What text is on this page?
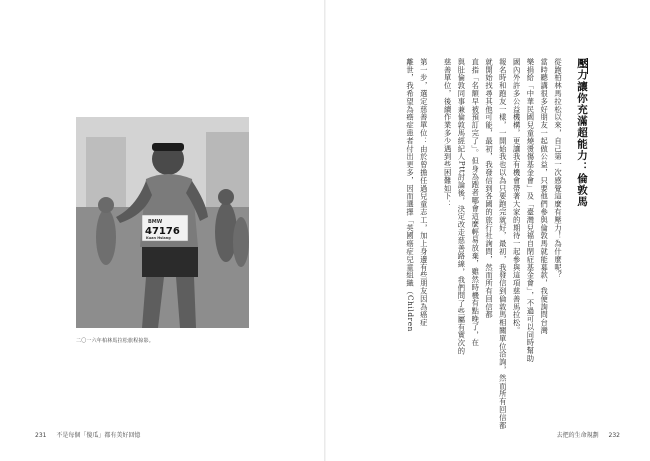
BMW
47176
Kuan Hsiang
二〇一六年柏林馬拉松旅程掠影。
壓力讓你充滿超能力：倫敦馬

從跑柏林馬拉松以來，自己第一次感覺這麼有壓力！為什麼呢？

當時聽講很多好朋友一起做公益，只要他們參與倫敦馬就能募款，我便詢問台灣

樂捐給「中華民國兒童燒燙傷基金會」及「臺灣兒福自閉症基金會」，不過可以同時幫助

國內外許多公益機構，更讓我有機會帶著大家的期待一起參與這項慈善馬拉松。

報名時和跑友一樣，一開始我也以為只要跑完就好，最初，我發信到倫敦馬相關單位洽詢，然而所有回信都

就開始找尋其他可能，最初，我發信到各國的旅行社詢問，然而所有回信都

直指「名額早被預訂完了」。但身為跑者哪會這麼輕易放棄，雖然時機有點晚了，在

與肚倫敦同事兼倫敦馬經紀人Ptt討論後，決定改走慈善路線，我們問了些屬有實次的

慈善單位，後續作業多少遇到些困難如下：

第一步，選定慈善單位：由於曾擔任過兒童志工，加上身邊有些朋友因為癌症

離世，我希望為癌症患者付出更多，因而選擇「英國癌症兒童組織（Children

231 不是每個「傻瓜」都有美好回憶	去把的生命規劃 232
